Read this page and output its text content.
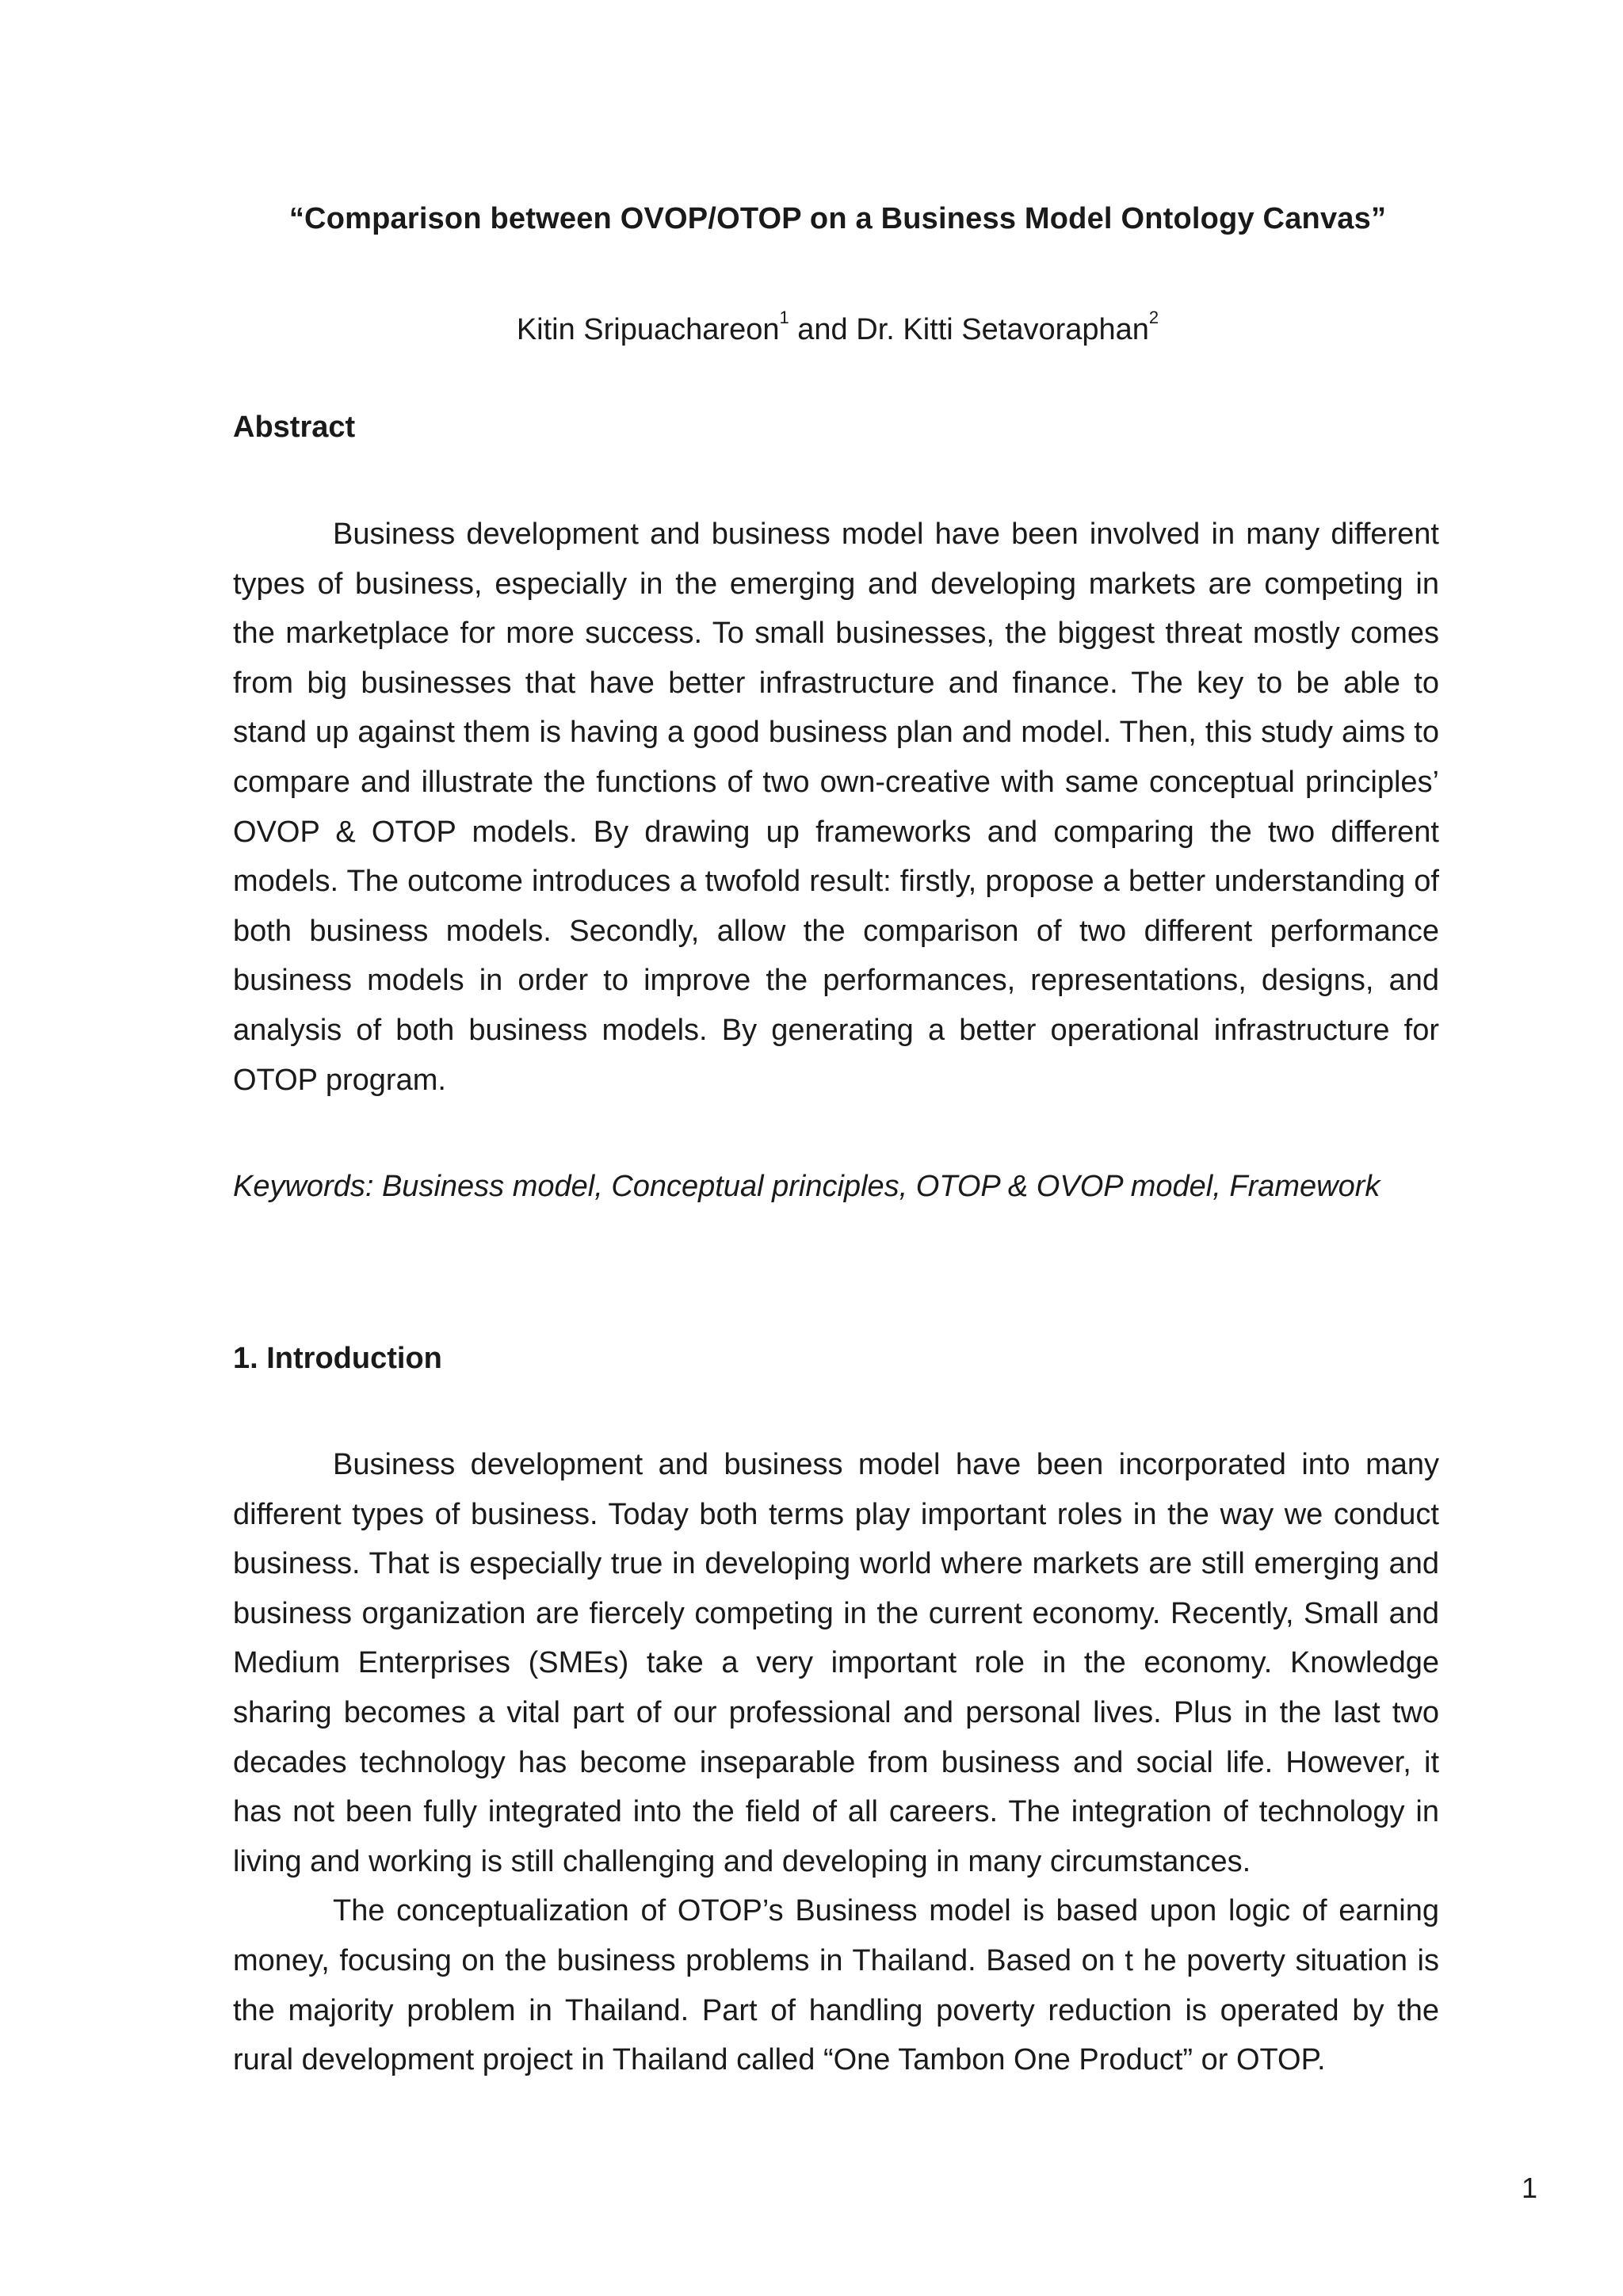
“Comparison between OVOP/OTOP on a Business Model Ontology Canvas”
Kitin Sripuachareon$^1$ and Dr. Kitti Setavoraphan$^2$
Abstract

Business development and business model have been involved in many different types of business, especially in the emerging and developing markets are competing in the marketplace for more success. To small businesses, the biggest threat mostly comes from big businesses that have better infrastructure and finance. The key to be able to stand up against them is having a good business plan and model. Then, this study aims to compare and illustrate the functions of two own-creative with same conceptual principles’ OVOP & OTOP models. By drawing up frameworks and comparing the two different models. The outcome introduces a twofold result: firstly, propose a better understanding of both business models. Secondly, allow the comparison of two different performance business models in order to improve the performances, representations, designs, and analysis of both business models. By generating a better operational infrastructure for OTOP program.

Keywords: Business model, Conceptual principles, OTOP & OVOP model, Framework
1. Introduction

Business development and business model have been incorporated into many different types of business. Today both terms play important roles in the way we conduct business. That is especially true in developing world where markets are still emerging and business organization are fiercely competing in the current economy. Recently, Small and Medium Enterprises (SMEs) take a very important role in the economy. Knowledge sharing becomes a vital part of our professional and personal lives. Plus in the last two decades technology has become inseparable from business and social life. However, it has not been fully integrated into the field of all careers. The integration of technology in living and working is still challenging and developing in many circumstances.

The conceptualization of OTOP’s Business model is based upon logic of earning money, focusing on the business problems in Thailand. Based on t he poverty situation is the majority problem in Thailand. Part of handling poverty reduction is operated by the rural development project in Thailand called “One Tambon One Product” or OTOP.

1
